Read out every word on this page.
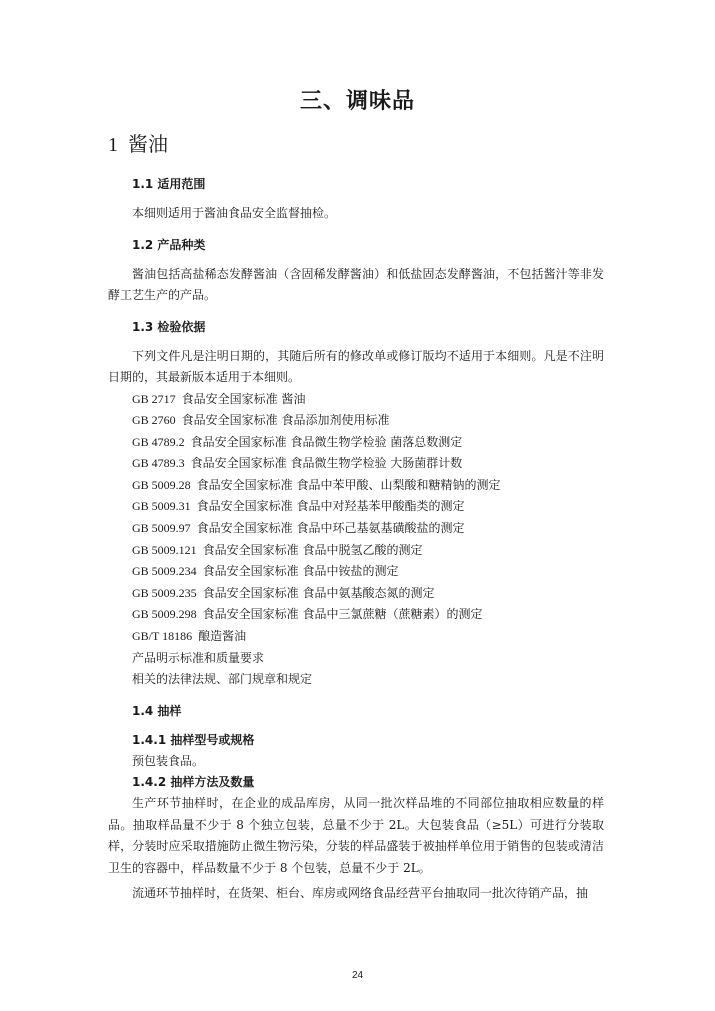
三、调味品
1 酱油
1.1 适用范围

本细则适用于酱油食品安全监督抽检。

1.2 产品种类

酱油包括高盐稀态发酵酱油（含固稀发酵酱油）和低盐固态发酵酱油，不包括酱汁等非发酵工艺生产的产品。

1.3 检验依据

下列文件凡是注明日期的，其随后所有的修改单或修订版均不适用于本细则。凡是不注明日期的，其最新版本适用于本细则。

GB 2717 食品安全国家标准 酱油
GB 2760 食品安全国家标准 食品添加剂使用标准
GB 4789.2 食品安全国家标准 食品微生物学检验 菌落总数测定
GB 4789.3 食品安全国家标准 食品微生物学检验 大肠菌群计数
GB 5009.28 食品安全国家标准 食品中苯甲酸、山梨酸和糖精钠的测定
GB 5009.31 食品安全国家标准 食品中对羟基苯甲酸酯类的测定
GB 5009.97 食品安全国家标准 食品中环己基氨基磺酸盐的测定
GB 5009.121 食品安全国家标准 食品中脱氢乙酸的测定
GB 5009.234 食品安全国家标准 食品中铵盐的测定
GB 5009.235 食品安全国家标准 食品中氨基酸态氮的测定
GB 5009.298 食品安全国家标准 食品中三氯蔗糖（蔗糖素）的测定
GB/T 18186 酿造酱油

产品明示标准和质量要求

相关的法律法规、部门规章和规定

1.4 抽样
1.4.1 抽样型号或规格

预包装食品。

1.4.2 抽样方法及数量

生产环节抽样时，在企业的成品库房，从同一批次样品堆的不同部位抽取相应数量的样品。抽取样品量不少于 8 个独立包装，总量不少于 2L。大包装食品（≥5L）可进行分装取样，分装时应采取措施防止微生物污染，分装的样品盛装于被抽样单位用于销售的包装或清洁卫生的容器中，样品数量不少于 8 个包装，总量不少于 2L。

流通环节抽样时，在货架、柜台、库房或网络食品经营平台抽取同一批次待销产品，抽

24
